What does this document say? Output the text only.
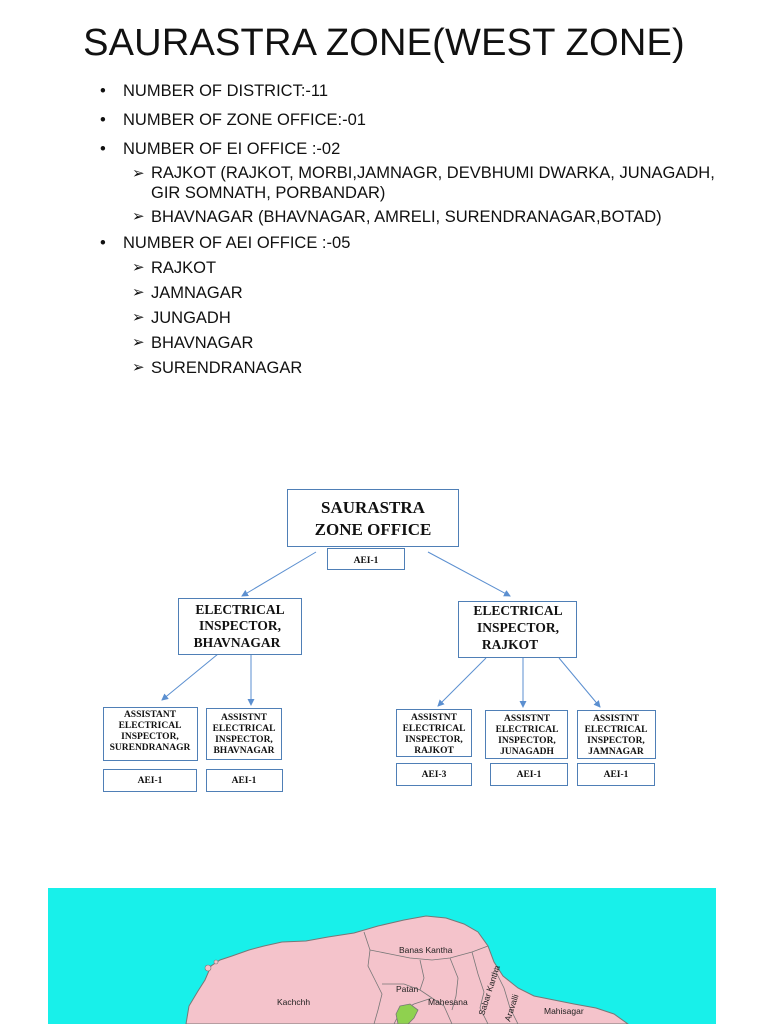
SAURASTRA ZONE(WEST ZONE)
•
NUMBER OF DISTRICT:-11
•
NUMBER OF ZONE OFFICE:-01
•
NUMBER OF EI OFFICE :-02
➢ RAJKOT (RAJKOT, MORBI,JAMNAGR, DEVBHUMI DWARKA, JUNAGADH, GIR SOMNATH, PORBANDAR)
➢ BHAVNAGAR (BHAVNAGAR, AMRELI, SURENDRANAGAR,BOTAD)
•
NUMBER OF AEI OFFICE :-05
➢ RAJKOT
➢ JAMNAGAR
➢ JUNGADH
➢ BHAVNAGAR
➢ SURENDRANAGAR
SAURASTRA
ZONE OFFICE
AEI-1
ELECTRICAL
INSPECTOR,
BHAVNAGAR
ELECTRICAL
INSPECTOR,
RAJKOT
ASSISTANT
ELECTRICAL
INSPECTOR,
SURENDRANAGR
AEI-1
ASSISTNT
ELECTRICAL
INSPECTOR,
BHAVNAGAR
AEI-1
ASSISTNT
ELECTRICAL
INSPECTOR,
RAJKOT
AEI-3
ASSISTNT
ELECTRICAL
INSPECTOR,
JUNAGADH
AEI-1
ASSISTNT
ELECTRICAL
INSPECTOR,
JAMNAGAR
AEI-1
Banas Kantha
Kachchh
Patan
Mahesana Sabar Kantha Aravalli	Mahisagar
